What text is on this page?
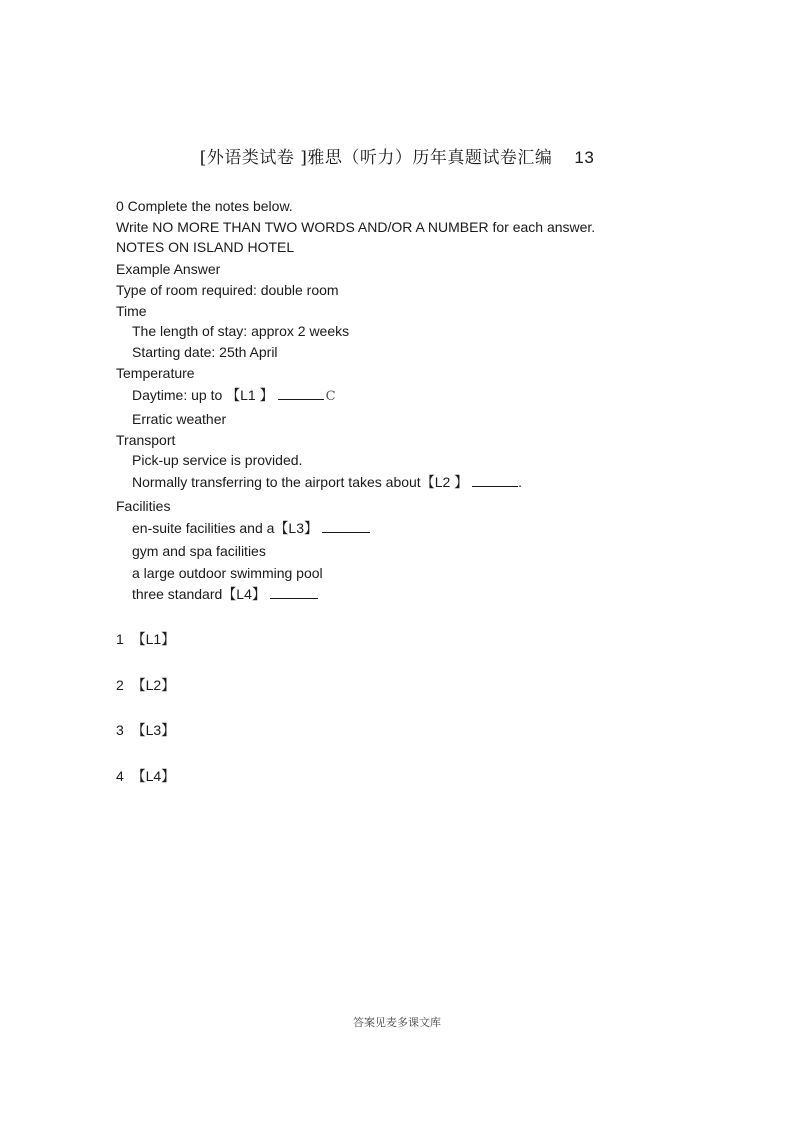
[外语类试卷 ]雅思（听力）历年真题试卷汇编 13
0 Complete the notes below.
Write NO MORE THAN TWO WORDS AND/OR A NUMBER for each answer.
NOTES ON ISLAND HOTEL
Example Answer
Type of room required: double room
Time
The length of stay: approx 2 weeks
Starting date: 25th April
Temperature
Daytime: up to 【L1 】	C
Erratic weather
Transport
Pick-up service is provided.
Normally transferring to the airport takes about【L2 】	.
Facilities
en-suite facilities and a【L3】
gym and spa facilities
a large outdoor swimming pool
three standard【L4】
1 【L1】
2 【L2】
3 【L3】
4 【L4】
答案见麦多课文库
